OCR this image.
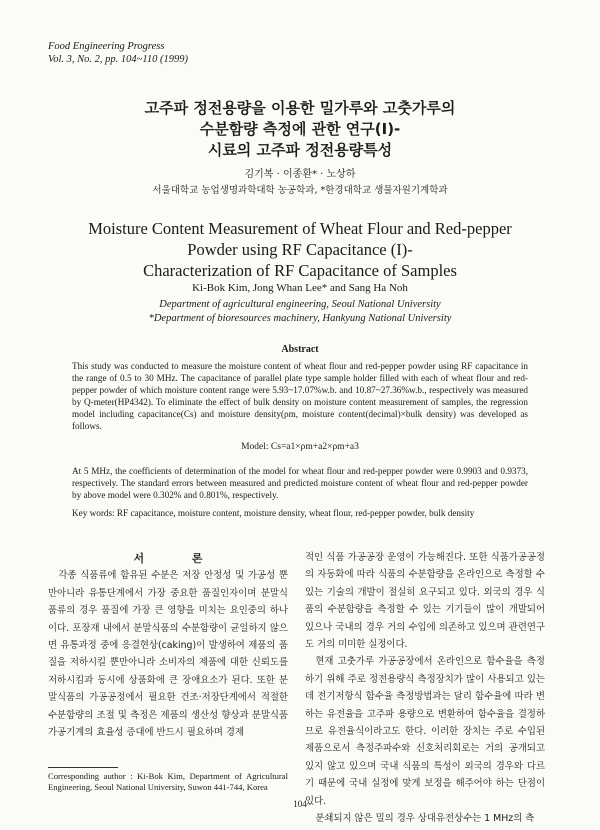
Food Engineering Progress
Vol. 3, No. 2, pp. 104~110 (1999)
고주파 정전용량을 이용한 밀가루와 고춧가루의
수분함량 측정에 관한 연구(I)-
시료의 고주파 정전용량특성
김기복 · 이종환* · 노상하
서울대학교 농업생명과학대학 농공학과, *한경대학교 생물자원기계학과
Moisture Content Measurement of Wheat Flour and Red-pepper
Powder using RF Capacitance (I)-
Characterization of RF Capacitance of Samples
Ki-Bok Kim, Jong Whan Lee* and Sang Ha Noh
Department of agricultural engineering, Seoul National University
*Department of bioresources machinery, Hankyung National University
Abstract

This study was conducted to measure the moisture content of wheat flour and red-pepper powder using RF capacitance in the range of 0.5 to 30 MHz. The capacitance of parallel plate type sample holder filled with each of wheat flour and red-pepper powder of which moisture content range were 5.93~17.07%w.b. and 10.87~27.36%w.b., respectively was measured by Q-meter(HP4342). To eliminate the effect of bulk density on moisture content measurement of samples, the regression model including capacitance(Cs) and moisture density(ρm, moisture content(decimal)×bulk density) was developed as follows.

Model: Cs=a1×ρm+a2×ρm+a3

At 5 MHz, the coefficients of determination of the model for wheat flour and red-pepper powder were 0.9903 and 0.9373, respectively. The standard errors between measured and predicted moisture content of wheat flour and red-pepper powder by above model were 0.302% and 0.801%, respectively.

Key words: RF capacitance, moisture content, moisture density, wheat flour, red-pepper powder, bulk density

서 론

각종 식품류에 함유된 수분은 저장 안정성 및 가공성 뿐만아니라 유통단계에서 가장 중요한 품질인자이며 분말식품류의 경우 품질에 가장 큰 영향을 미치는 요인중의 하나이다. 포장재 내에서 분말식품의 수분함량이 균일하지 않으면 유통과정 중에 응결현상(caking)이 발생하여 제품의 품질을 저하시킬 뿐만아니라 소비자의 제품에 대한 신뢰도를 저하시킴과 동시에 상품화에 큰 장애요소가 된다. 또한 분말식품의 가공공정에서 필요한 건조·저장단계에서 적절한 수분함량의 조절 및 측정은 제품의 생산성 향상과 분말식품 가공기계의 효율성 증대에 반드시 필요하며 경제

적인 식품 가공공장 운영이 가능해진다. 또한 식품가공공정의 자동화에 따라 식품의 수분함량을 온라인으로 측정할 수 있는 기술의 개발이 절실히 요구되고 있다. 외국의 경우 식품의 수분함량을 측정할 수 있는 기기들이 많이 개발되어 있으나 국내의 경우 거의 수입에 의존하고 있으며 관련연구도 거의 미미한 실정이다.

현재 고춧가루 가공공장에서 온라인으로 함수율을 측정하기 위해 주로 정전용량식 측정장치가 많이 사용되고 있는데 전기저항식 함수율 측정방법과는 달리 함수율에 따라 변하는 유전율을 고주파 용량으로 변환하여 함수율을 결정하므로 유전율식이라고도 한다. 이러한 장치는 주로 수입된 제품으로서 측정주파수와 신호처리회로는 거의 공개되고 있지 않고 있으며 국내 식품의 특성이 외국의 경우와 다르기 때문에 국내 실정에 맞게 보정을 해주어야 하는 단점이 있다.

분쇄되지 않은 밀의 경우 상대유전상수는 1 MHz의 측

Corresponding author : Ki-Bok Kim, Department of Agricultural Engineering, Seoul National University, Suwon 441-744, Korea
104
